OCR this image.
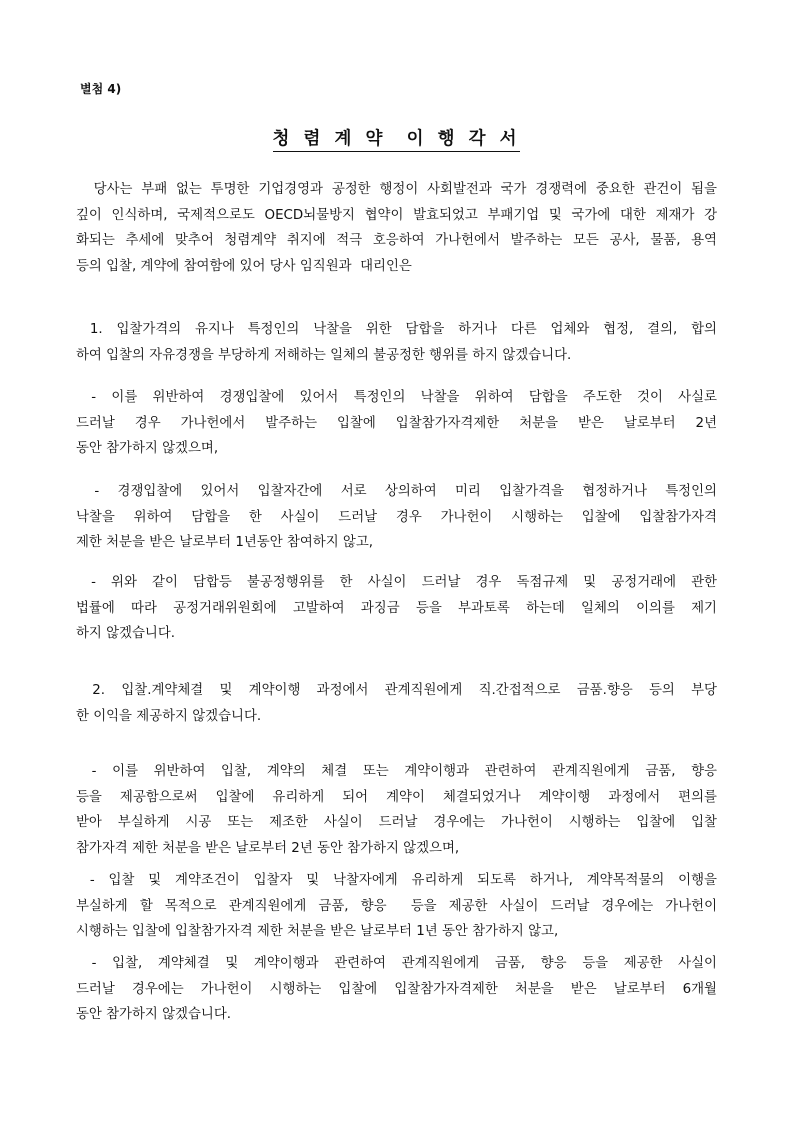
별첨 4)

청 렴 계 약  이 행 각 서

당사는 부패 없는 투명한 기업경영과 공정한 행정이 사회발전과 국가 경쟁력에 중요한 관건이 됨을
깊이 인식하며, 국제적으로도 OECD뇌물방지 협약이 발효되었고 부패기업 및 국가에 대한 제재가 강
화되는 추세에 맞추어 청렴계약 취지에 적극 호응하여 가나헌에서 발주하는 모든 공사, 물품, 용역
등의 입찰, 계약에 참여함에 있어 당사 임직원과  대리인은

1. 입찰가격의 유지나 특정인의 낙찰을 위한 담합을 하거나 다른 업체와 협정, 결의, 합의
하여 입찰의 자유경쟁을 부당하게 저해하는 일체의 불공정한 행위를 하지 않겠습니다.

- 이를 위반하여 경쟁입찰에 있어서 특정인의 낙찰을 위하여 담합을 주도한 것이 사실로
드러날 경우 가나헌에서 발주하는 입찰에 입찰참가자격제한 처분을 받은 날로부터 2년
동안 참가하지 않겠으며,

- 경쟁입찰에 있어서 입찰자간에 서로 상의하여 미리 입찰가격을 협정하거나 특정인의
낙찰을 위하여 담합을 한 사실이 드러날 경우 가나헌이 시행하는 입찰에 입찰참가자격
제한 처분을 받은 날로부터 1년동안 참여하지 않고,

- 위와 같이 담합등 불공정행위를 한 사실이 드러날 경우 독점규제 및 공정거래에 관한
법률에 따라 공정거래위원회에 고발하여 과징금 등을 부과토록 하는데 일체의 이의를 제기
하지 않겠습니다.

2. 입찰.계약체결 및 계약이행 과정에서 관계직원에게 직.간접적으로 금품.향응 등의 부당
한 이익을 제공하지 않겠습니다.

- 이를 위반하여 입찰, 계약의 체결 또는 계약이행과 관련하여 관계직원에게 금품, 향응
등을 제공함으로써 입찰에 유리하게 되어 계약이 체결되었거나 계약이행 과정에서 편의를
받아 부실하게 시공 또는 제조한 사실이 드러날 경우에는 가나헌이 시행하는 입찰에 입찰
참가자격 제한 처분을 받은 날로부터 2년 동안 참가하지 않겠으며,

- 입찰 및 계약조건이 입찰자 및 낙찰자에게 유리하게 되도록 하거나, 계약목적물의 이행을
부실하게 할 목적으로 관계직원에게 금품, 향응  등을 제공한 사실이 드러날 경우에는 가나헌이
시행하는 입찰에 입찰참가자격 제한 처분을 받은 날로부터 1년 동안 참가하지 않고,

- 입찰, 계약체결 및 계약이행과 관련하여 관계직원에게 금품, 향응 등을 제공한 사실이
드러날 경우에는 가나헌이 시행하는 입찰에 입찰참가자격제한 처분을 받은 날로부터 6개월
동안 참가하지 않겠습니다.
